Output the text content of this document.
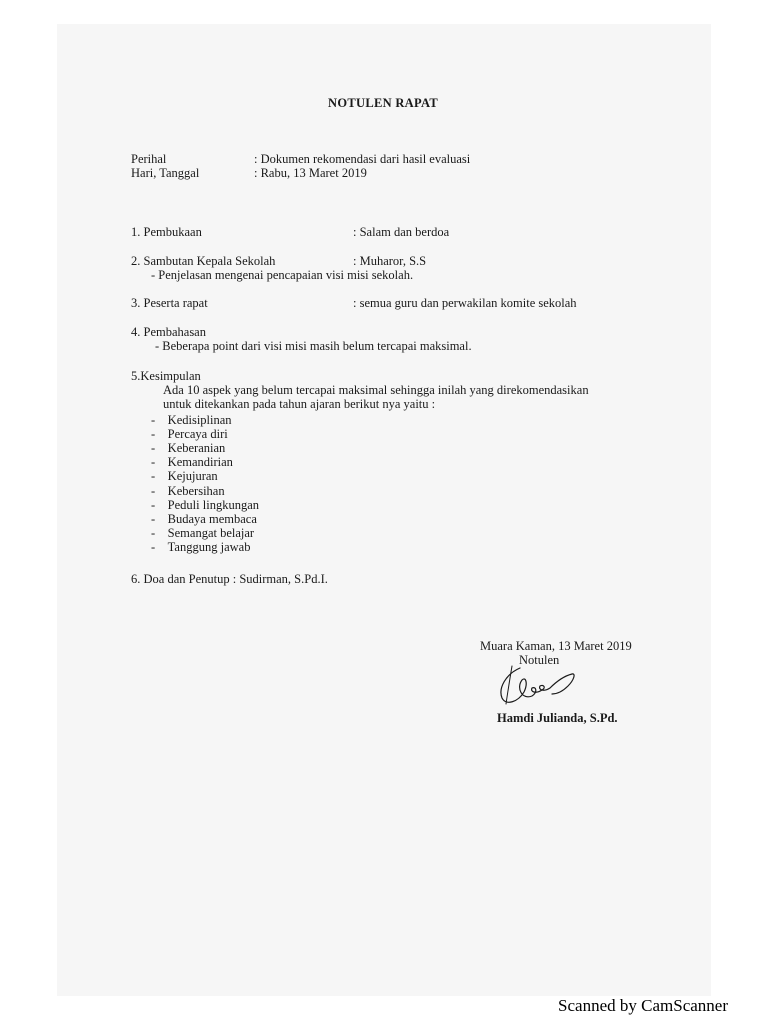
NOTULEN RAPAT
Perihal	: Dokumen rekomendasi dari hasil evaluasi
Hari, Tanggal	: Rabu, 13 Maret 2019
1. Pembukaan	: Salam dan berdoa
2. Sambutan Kepala Sekolah	: Muharor, S.S
- Penjelasan mengenai pencapaian visi misi sekolah.
3. Peserta rapat	: semua guru dan perwakilan komite sekolah
4. Pembahasan
- Beberapa point dari visi misi masih belum tercapai maksimal.
5.Kesimpulan
Ada 10 aspek yang belum tercapai maksimal sehingga inilah yang direkomendasikan
untuk ditekankan pada tahun ajaran berikut nya yaitu :
-    Kedisiplinan
-    Percaya diri
-    Keberanian
-    Kemandirian
-    Kejujuran
-    Kebersihan
-    Peduli lingkungan
-    Budaya membaca
-    Semangat belajar
-    Tanggung jawab
6. Doa dan Penutup : Sudirman, S.Pd.I.
Muara Kaman, 13 Maret 2019
Notulen
Hamdi Julianda, S.Pd.
Scanned by CamScanner
